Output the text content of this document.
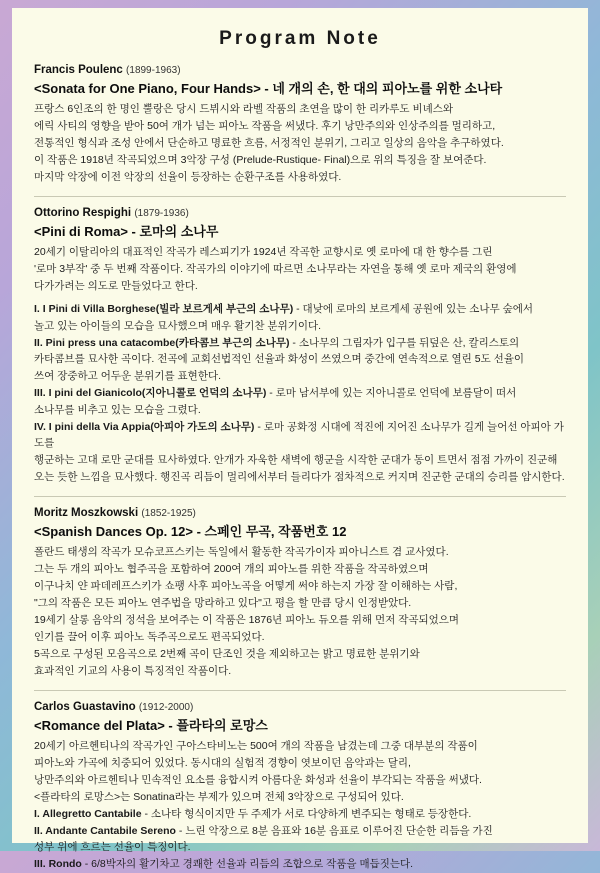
Program Note
Francis Poulenc (1899-1963)
<Sonata for One Piano, Four Hands> - 네 개의 손, 한 대의 피아노를 위한 소나타

프랑스 6인조의 한 명인 뿔랑은 당시 드뷔시와 라벨 작품의 초연을 많이 한 리카루도 비녜스와

에릭 사티의 영향을 받아 50여 개가 넘는 피아노 작품을 써냈다. 후기 낭만주의와 인상주의를 멀리하고,

전통적인 형식과 조성 안에서 단순하고 명료한 흐름, 서정적인 분위기, 그리고 일상의 음악을 추구하였다.

이 작품은 1918년 작곡되었으며 3악장 구성 (Prelude-Rustique- Final)으로 위의 특징을 잘 보여준다.

마지막 악장에 이전 악장의 선율이 등장하는 순환구조를 사용하였다.

Ottorino Respighi (1879-1936)
<Pini di Roma> - 로마의 소나무

20세기 이탈리아의 대표적인 작곡가 레스피기가 1924년 작곡한 교향시로 옛 로마에 대 한 향수를 그린

'로마 3부작' 중 두 번째 작품이다. 작곡가의 이야기에 따르면 소나무라는 자연을 통해 옛 로마 제국의 환영에

다가가려는 의도로 만들었다고 한다.

I. I Pini di Villa Borghese(빌라 보르게세 부근의 소나무) - 대낮에 로마의 보르게세 공원에 있는 소나무 숲에서

놀고 있는 아이들의 모습을 묘사했으며 매우 활기찬 분위기이다.

II. Pini press una catacombe(카타콤브 부근의 소나무) - 소나무의 그림자가 입구를 뒤덮은 산, 칼리스토의

카타콤브를 묘사한 곡이다. 전곡에 교회선법적인 선율과 화성이 쓰였으며 중간에 연속적으로 열린 5도 선율이

쓰여 장중하고 어두운 분위기를 표현한다.

III. I pini del Gianicolo(지아니콜로 언덕의 소나무) - 로마 남서부에 있는 지아니콜로 언덕에 보름달이 떠서

소나무를 비추고 있는 모습을 그렸다.

IV. I pini della Via Appia(아피아 가도의 소나무) - 로마 공화정 시대에 적진에 지어진 소나무가 길게 늘어선 아피아 가도를

행군하는 고대 로만 군대를 묘사하였다. 안개가 자욱한 새벽에 행군을 시작한 군대가 동이 트면서 점점 가까이 진군해

오는 듯한 느낌을 묘사했다. 행진곡 리듬이 멀리에서부터 들리다가 점차적으로 커지며 진군한 군대의 승리를 암시한다.

Moritz Moszkowski (1852-1925)
<Spanish Dances Op. 12> - 스페인 무곡, 작품번호 12

폴란드 태생의 작곡가 모슈코프스키는 독일에서 활동한 작곡가이자 피아니스트 겸 교사였다.

그는 두 개의 피아노 협주곡을 포함하여 200여 개의 피아노를 위한 작품을 작곡하였으며

이구나치 얀 파데레프스키가 쇼팽 사후 피아노곡을 어떻게 써야 하는지 가장 잘 이해하는 사람,

"그의 작품은 모든 피아노 연주법을 망라하고 있다"고 평을 할 만큼 당시 인정받았다.

19세기 살롱 음악의 정석을 보여주는 이 작품은 1876년 피아노 듀오를 위해 먼저 작곡되었으며

인기를 끌어 이후 피아노 독주곡으로도 편곡되었다.

5곡으로 구성된 모음곡으로 2번째 곡이 단조인 것을 제외하고는 밝고 명료한 분위기와

효과적인 기교의 사용이 특징적인 작품이다.

Carlos Guastavino (1912-2000)
<Romance del Plata> - 플라타의 로망스

20세기 아르헨티나의 작곡가인 구아스타비노는 500여 개의 작품을 남겼는데 그중 대부분의 작품이

피아노와 가곡에 치중되어 있었다. 동시대의 실험적 경향이 엿보이던 음악과는 달리,

낭만주의와 아르헨티나 민속적인 요소를 융합시켜 아름다운 화성과 선율이 부각되는 작품을 써냈다.

<플라타의 로망스>는 Sonatina라는 부제가 있으며 전체 3악장으로 구성되어 있다.

I. Allegretto Cantabile - 소나타 형식이지만 두 주제가 서로 다양하게 변주되는 형태로 등장한다.

II. Andante Cantabile Sereno - 느린 악장으로 8분 음표와 16분 음표로 이루어진 단순한 리듬을 가진

성부 위에 흐르는 선율이 특징이다.

III. Rondo - 6/8박자의 활기차고 경쾌한 선율과 리듬의 조합으로 작품을 매듭짓는다.
